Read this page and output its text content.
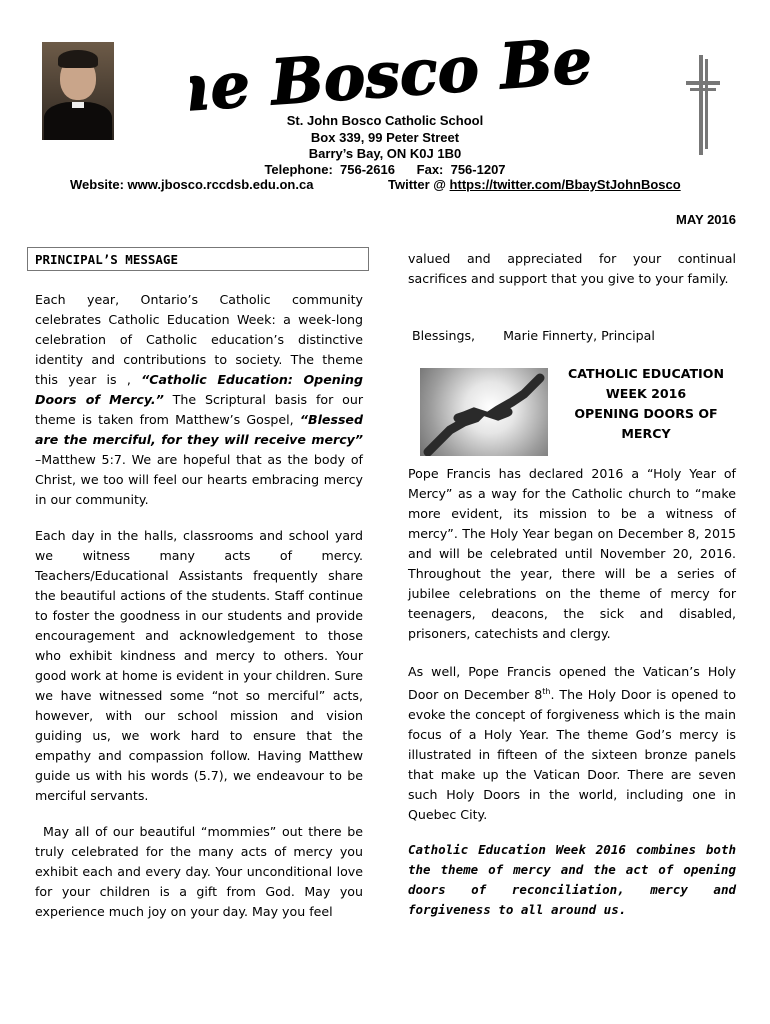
The Bosco Beat
St. John Bosco Catholic School
Box 339, 99 Peter Street
Barry’s Bay, ON K0J 1B0
Telephone:  756-2616      Fax:  756-1207
Website: www.jbosco.rccdsb.edu.on.ca	Twitter @ https://twitter.com/BbayStJohnBosco
MAY 2016
PRINCIPAL’S MESSAGE

Each year, Ontario’s Catholic community celebrates Catholic Education Week: a week-long celebration of Catholic education’s distinctive identity and contributions to society. The theme this year is , “Catholic Education: Opening Doors of Mercy.” The Scriptural basis for our theme is taken from Matthew’s Gospel, “Blessed are the merciful, for they will receive mercy” –Matthew 5:7. We are hopeful that as the body of Christ, we too will feel our hearts embracing mercy in our community.

Each day in the halls, classrooms and school yard we witness many acts of mercy. Teachers/Educational Assistants frequently share the beautiful actions of the students. Staff continue to foster the goodness in our students and provide encouragement and acknowledgement to those who exhibit kindness and mercy to others. Your good work at home is evident in your children. Sure we have witnessed some “not so merciful” acts, however, with our school mission and vision guiding us, we work hard to ensure that the empathy and compassion follow. Having Matthew guide us with his words (5.7), we endeavour to be merciful servants.

May all of our beautiful “mommies” out there be truly celebrated for the many acts of mercy you exhibit each and every day. Your unconditional love for your children is a gift from God. May you experience much joy on your day. May you feel

valued and appreciated for your continual sacrifices and support that you give to your family.

Blessings, Marie Finnerty, Principal
CATHOLIC EDUCATION
WEEK 2016
OPENING DOORS OF
MERCY

Pope Francis has declared 2016 a “Holy Year of Mercy” as a way for the Catholic church to “make more evident, its mission to be a witness of mercy”. The Holy Year began on December 8, 2015 and will be celebrated until November 20, 2016. Throughout the year, there will be a series of jubilee celebrations on the theme of mercy for teenagers, deacons, the sick and disabled, prisoners, catechists and clergy.

As well, Pope Francis opened the Vatican’s Holy Door on December 8th. The Holy Door is opened to evoke the concept of forgiveness which is the main focus of a Holy Year. The theme God’s mercy is illustrated in fifteen of the sixteen bronze panels that make up the Vatican Door. There are seven such Holy Doors in the world, including one in Quebec City.

Catholic Education Week 2016 combines both the theme of mercy and the act of opening doors of reconciliation, mercy and forgiveness to all around us.
